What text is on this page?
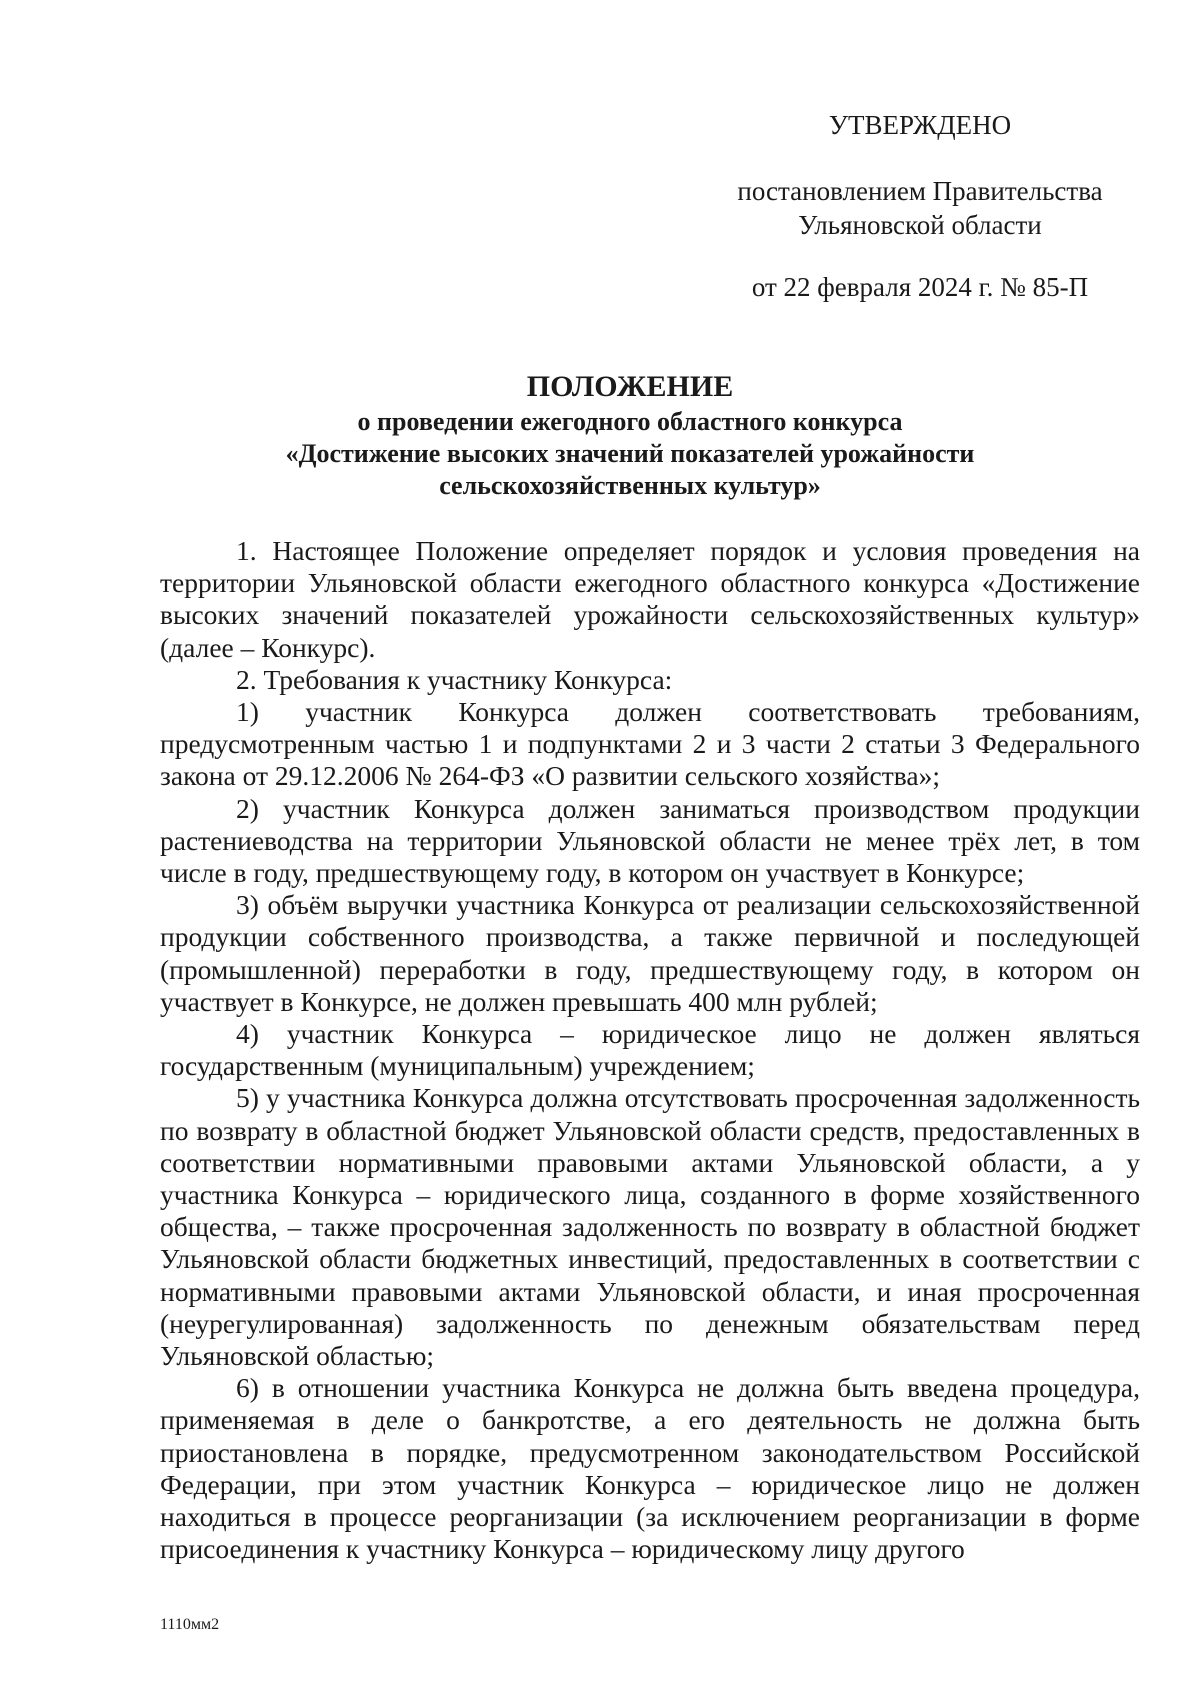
УТВЕРЖДЕНО
постановлением Правительства
Ульяновской области
от 22 февраля 2024 г. № 85-П
ПОЛОЖЕНИЕ
о проведении ежегодного областного конкурса
«Достижение высоких значений показателей урожайности
сельскохозяйственных культур»

1. Настоящее Положение определяет порядок и условия проведения на территории Ульяновской области ежегодного областного конкурса «Достижение высоких значений показателей урожайности сельскохозяйственных культур» (далее – Конкурс).

2. Требования к участнику Конкурса:

1) участник Конкурса должен соответствовать требованиям, предусмотренным частью 1 и подпунктами 2 и 3 части 2 статьи 3 Федерального закона от 29.12.2006 № 264-ФЗ «О развитии сельского хозяйства»;

2) участник Конкурса должен заниматься производством продукции растениеводства на территории Ульяновской области не менее трёх лет, в том числе в году, предшествующему году, в котором он участвует в Конкурсе;

3) объём выручки участника Конкурса от реализации сельскохозяйственной продукции собственного производства, а также первичной и последующей (промышленной) переработки в году, предшествующему году, в котором он участвует в Конкурсе, не должен превышать 400 млн рублей;

4) участник Конкурса – юридическое лицо не должен являться государственным (муниципальным) учреждением;

5) у участника Конкурса должна отсутствовать просроченная задолженность по возврату в областной бюджет Ульяновской области средств, предоставленных в соответствии нормативными правовыми актами Ульяновской области, а у участника Конкурса – юридического лица, созданного в форме хозяйственного общества, – также просроченная задолженность по возврату в областной бюджет Ульяновской области бюджетных инвестиций, предоставленных в соответствии с нормативными правовыми актами Ульяновской области, и иная просроченная (неурегулированная) задолженность по денежным обязательствам перед Ульяновской областью;

6) в отношении участника Конкурса не должна быть введена процедура, применяемая в деле о банкротстве, а его деятельность не должна быть приостановлена в порядке, предусмотренном законодательством Российской Федерации, при этом участник Конкурса – юридическое лицо не должен находиться в процессе реорганизации (за исключением реорганизации в форме присоединения к участнику Конкурса – юридическому лицу другого

1110мм2
